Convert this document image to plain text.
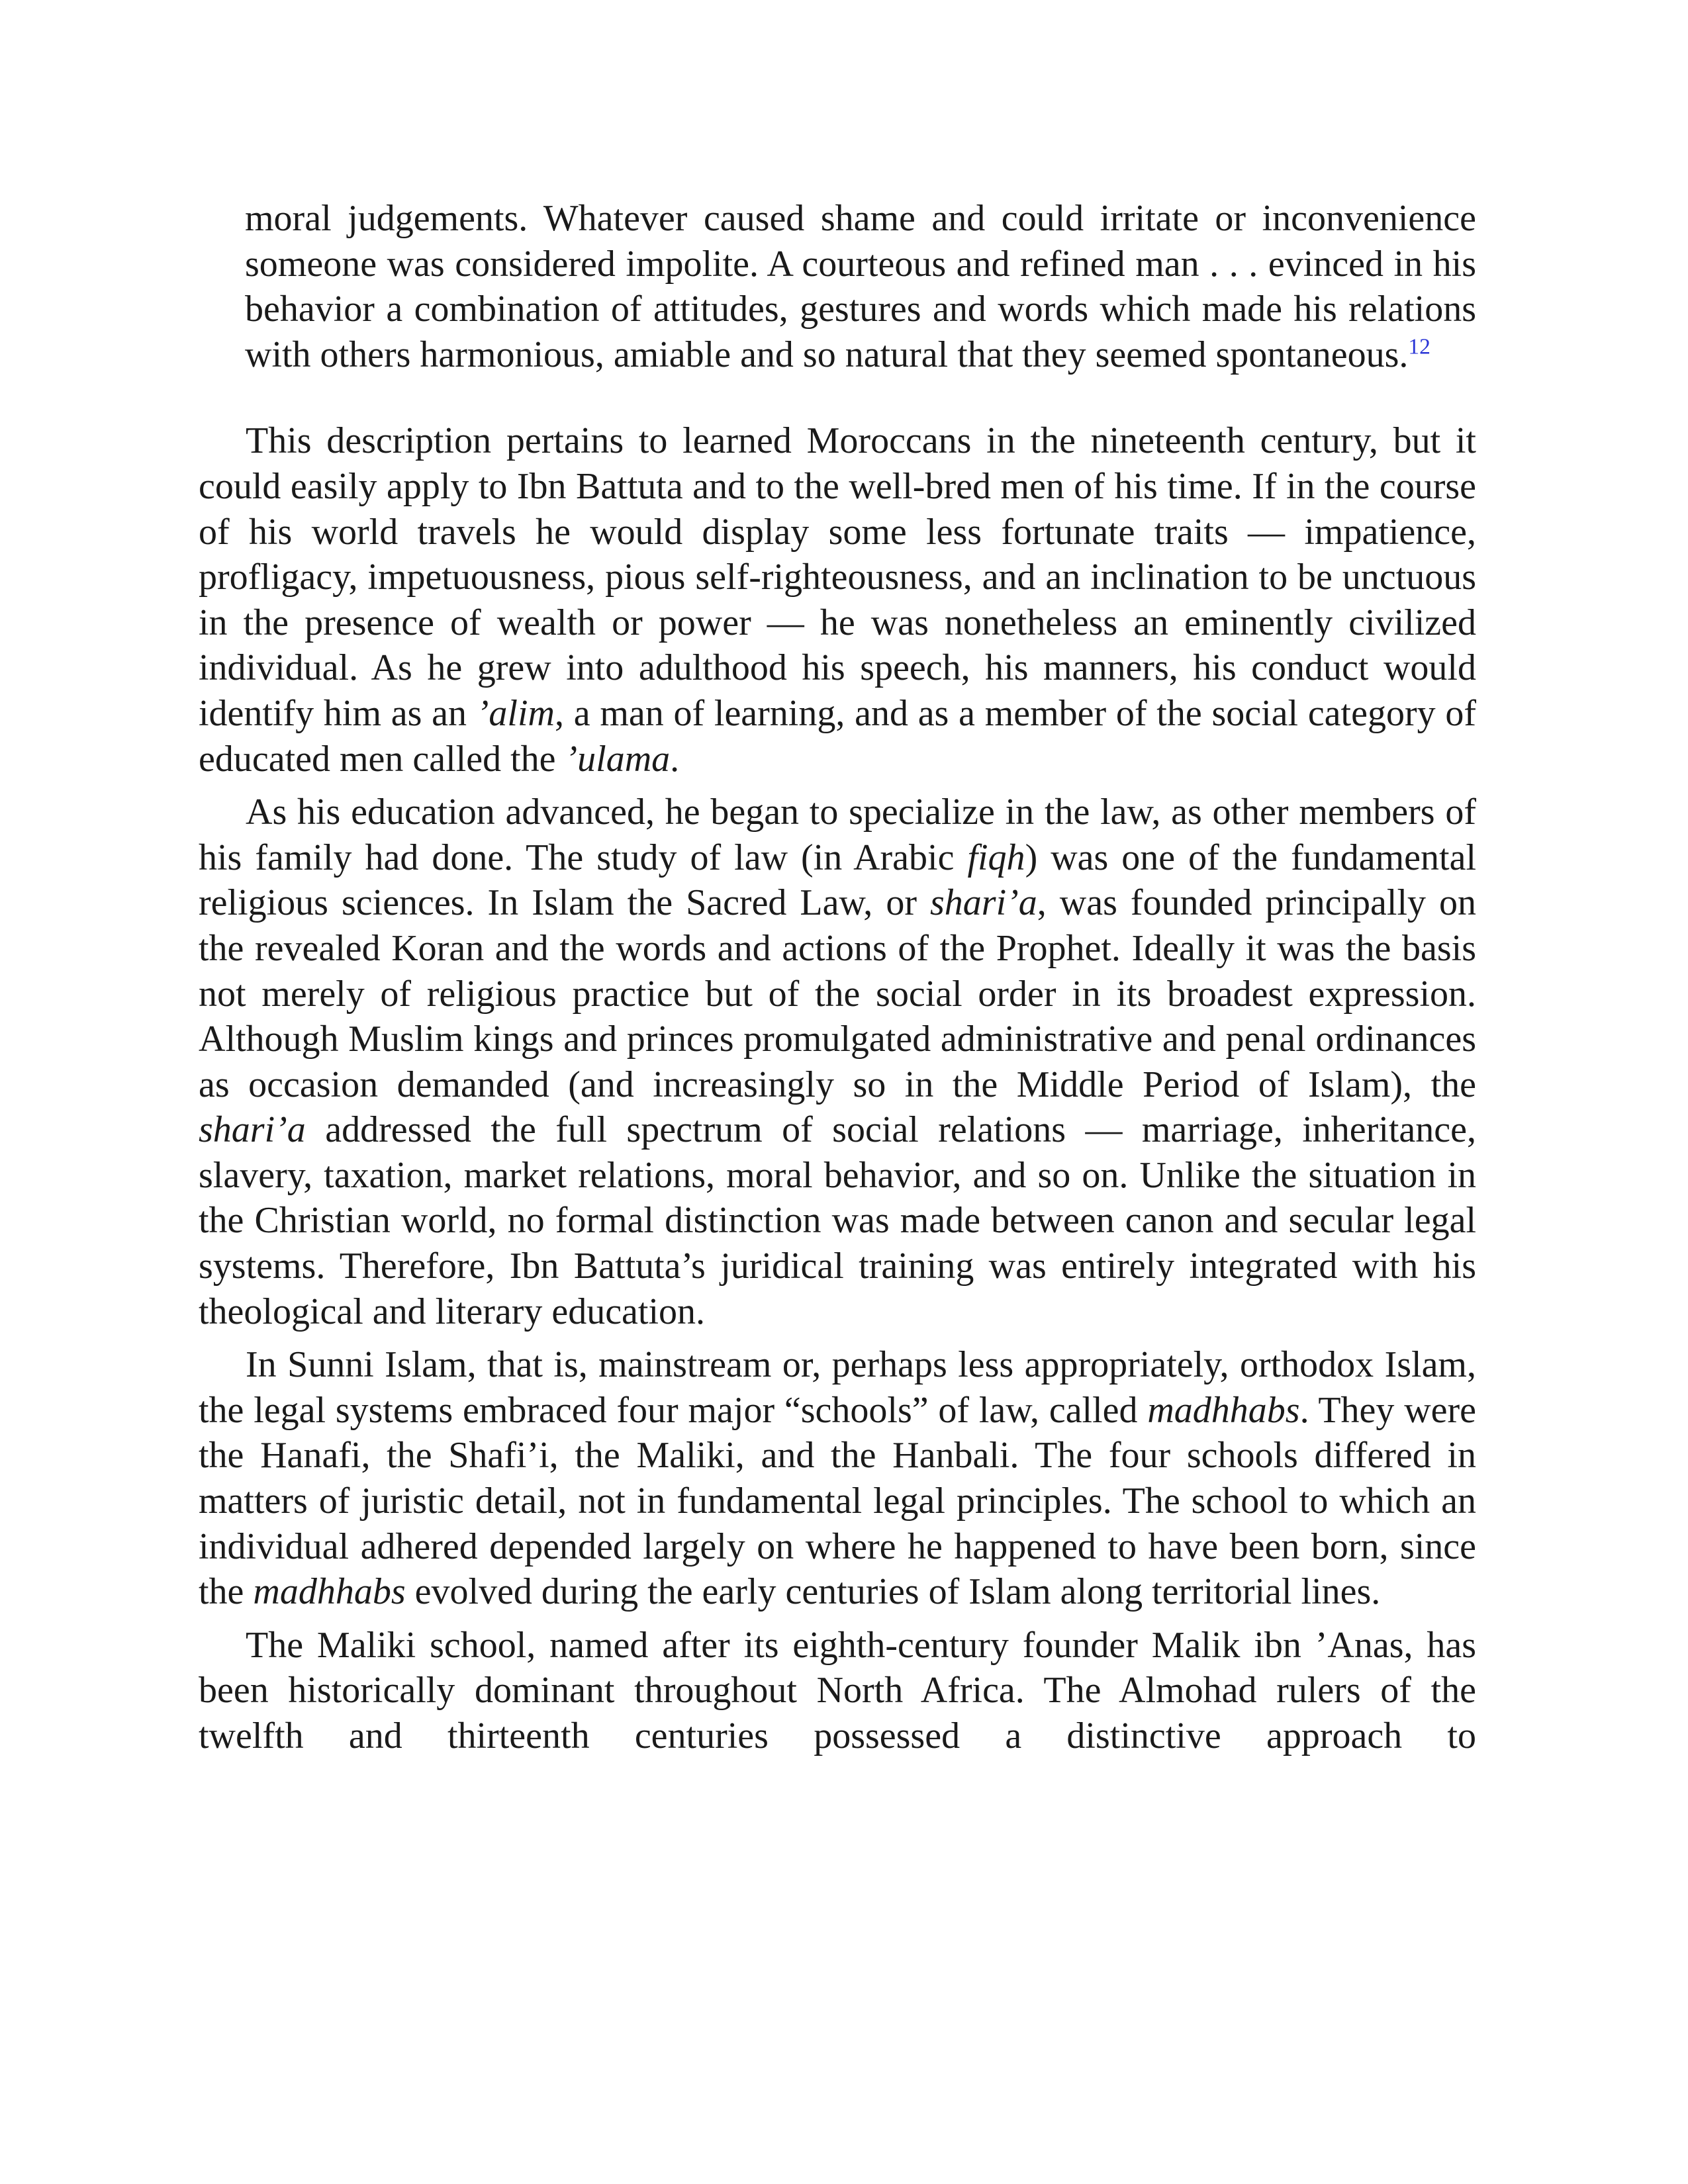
moral judgements. Whatever caused shame and could irritate or inconvenience someone was considered impolite. A courteous and refined man . . . evinced in his behavior a combination of attitudes, gestures and words which made his relations with others harmonious, amiable and so natural that they seemed spontaneous.$^{12}$

This description pertains to learned Moroccans in the nineteenth century, but it could easily apply to Ibn Battuta and to the well-bred men of his time. If in the course of his world travels he would display some less fortunate traits — impatience, profligacy, impetuousness, pious self-righteousness, and an inclination to be unctuous in the presence of wealth or power — he was nonetheless an eminently civilized individual. As he grew into adulthood his speech, his manners, his conduct would identify him as an ’alim, a man of learning, and as a member of the social category of educated men called the ’ulama.

As his education advanced, he began to specialize in the law, as other members of his family had done. The study of law (in Arabic fiqh) was one of the fundamental religious sciences. In Islam the Sacred Law, or shari’a, was founded principally on the revealed Koran and the words and actions of the Prophet. Ideally it was the basis not merely of religious practice but of the social order in its broadest expression. Although Muslim kings and princes promulgated administrative and penal ordinances as occasion demanded (and increasingly so in the Middle Period of Islam), the shari’a addressed the full spectrum of social relations — marriage, inheritance, slavery, taxation, market relations, moral behavior, and so on. Unlike the situation in the Christian world, no formal distinction was made between canon and secular legal systems. Therefore, Ibn Battuta’s juridical training was entirely integrated with his theological and literary education.

In Sunni Islam, that is, mainstream or, perhaps less appropriately, orthodox Islam, the legal systems embraced four major “schools” of law, called madhhabs. They were the Hanafi, the Shafi’i, the Maliki, and the Hanbali. The four schools differed in matters of juristic detail, not in fundamental legal principles. The school to which an individual adhered depended largely on where he happened to have been born, since the madhhabs evolved during the early centuries of Islam along territorial lines.

The Maliki school, named after its eighth-century founder Malik ibn ’Anas, has been historically dominant throughout North Africa. The Almohad rulers of the twelfth and thirteenth centuries possessed a distinctive approach to
